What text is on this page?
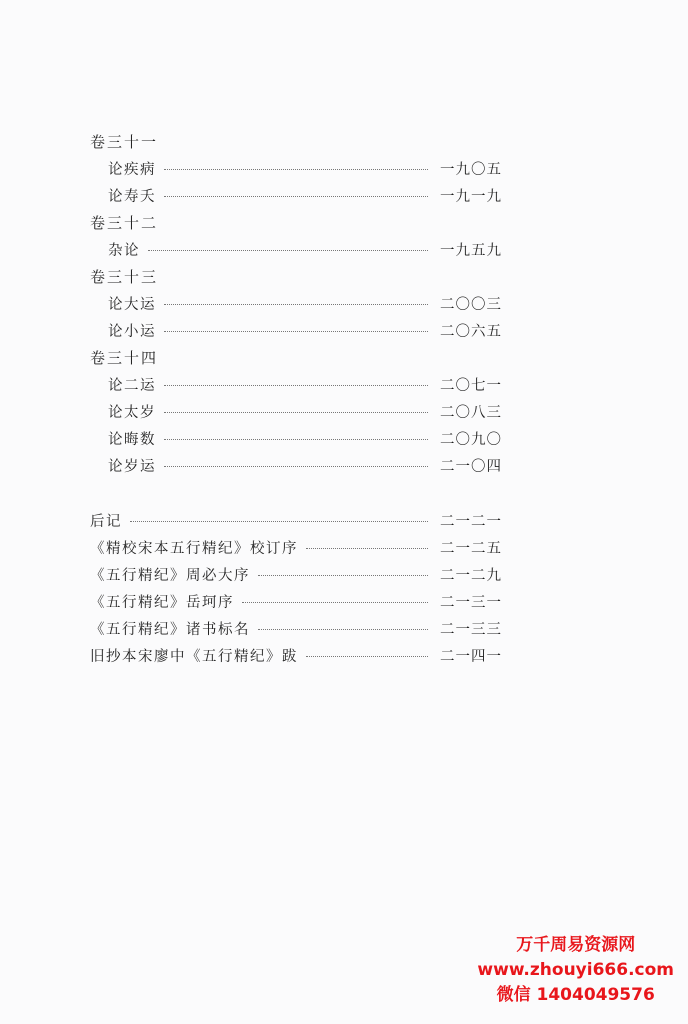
卷三十一
论疾病	一九〇五
论寿夭	一九一九
卷三十二
杂论	一九五九
卷三十三
论大运	二〇〇三
论小运	二〇六五
卷三十四
论二运	二〇七一
论太岁	二〇八三
论晦数	二〇九〇
论岁运	二一〇四
后记	二一二一
《精校宋本五行精纪》校订序	二一二五
《五行精纪》周必大序	二一二九
《五行精纪》岳珂序	二一三一
《五行精纪》诸书标名	二一三三
旧抄本宋廖中《五行精纪》跋	二一四一
万千周易资源网
www.zhouyi666.com
微信 1404049576
